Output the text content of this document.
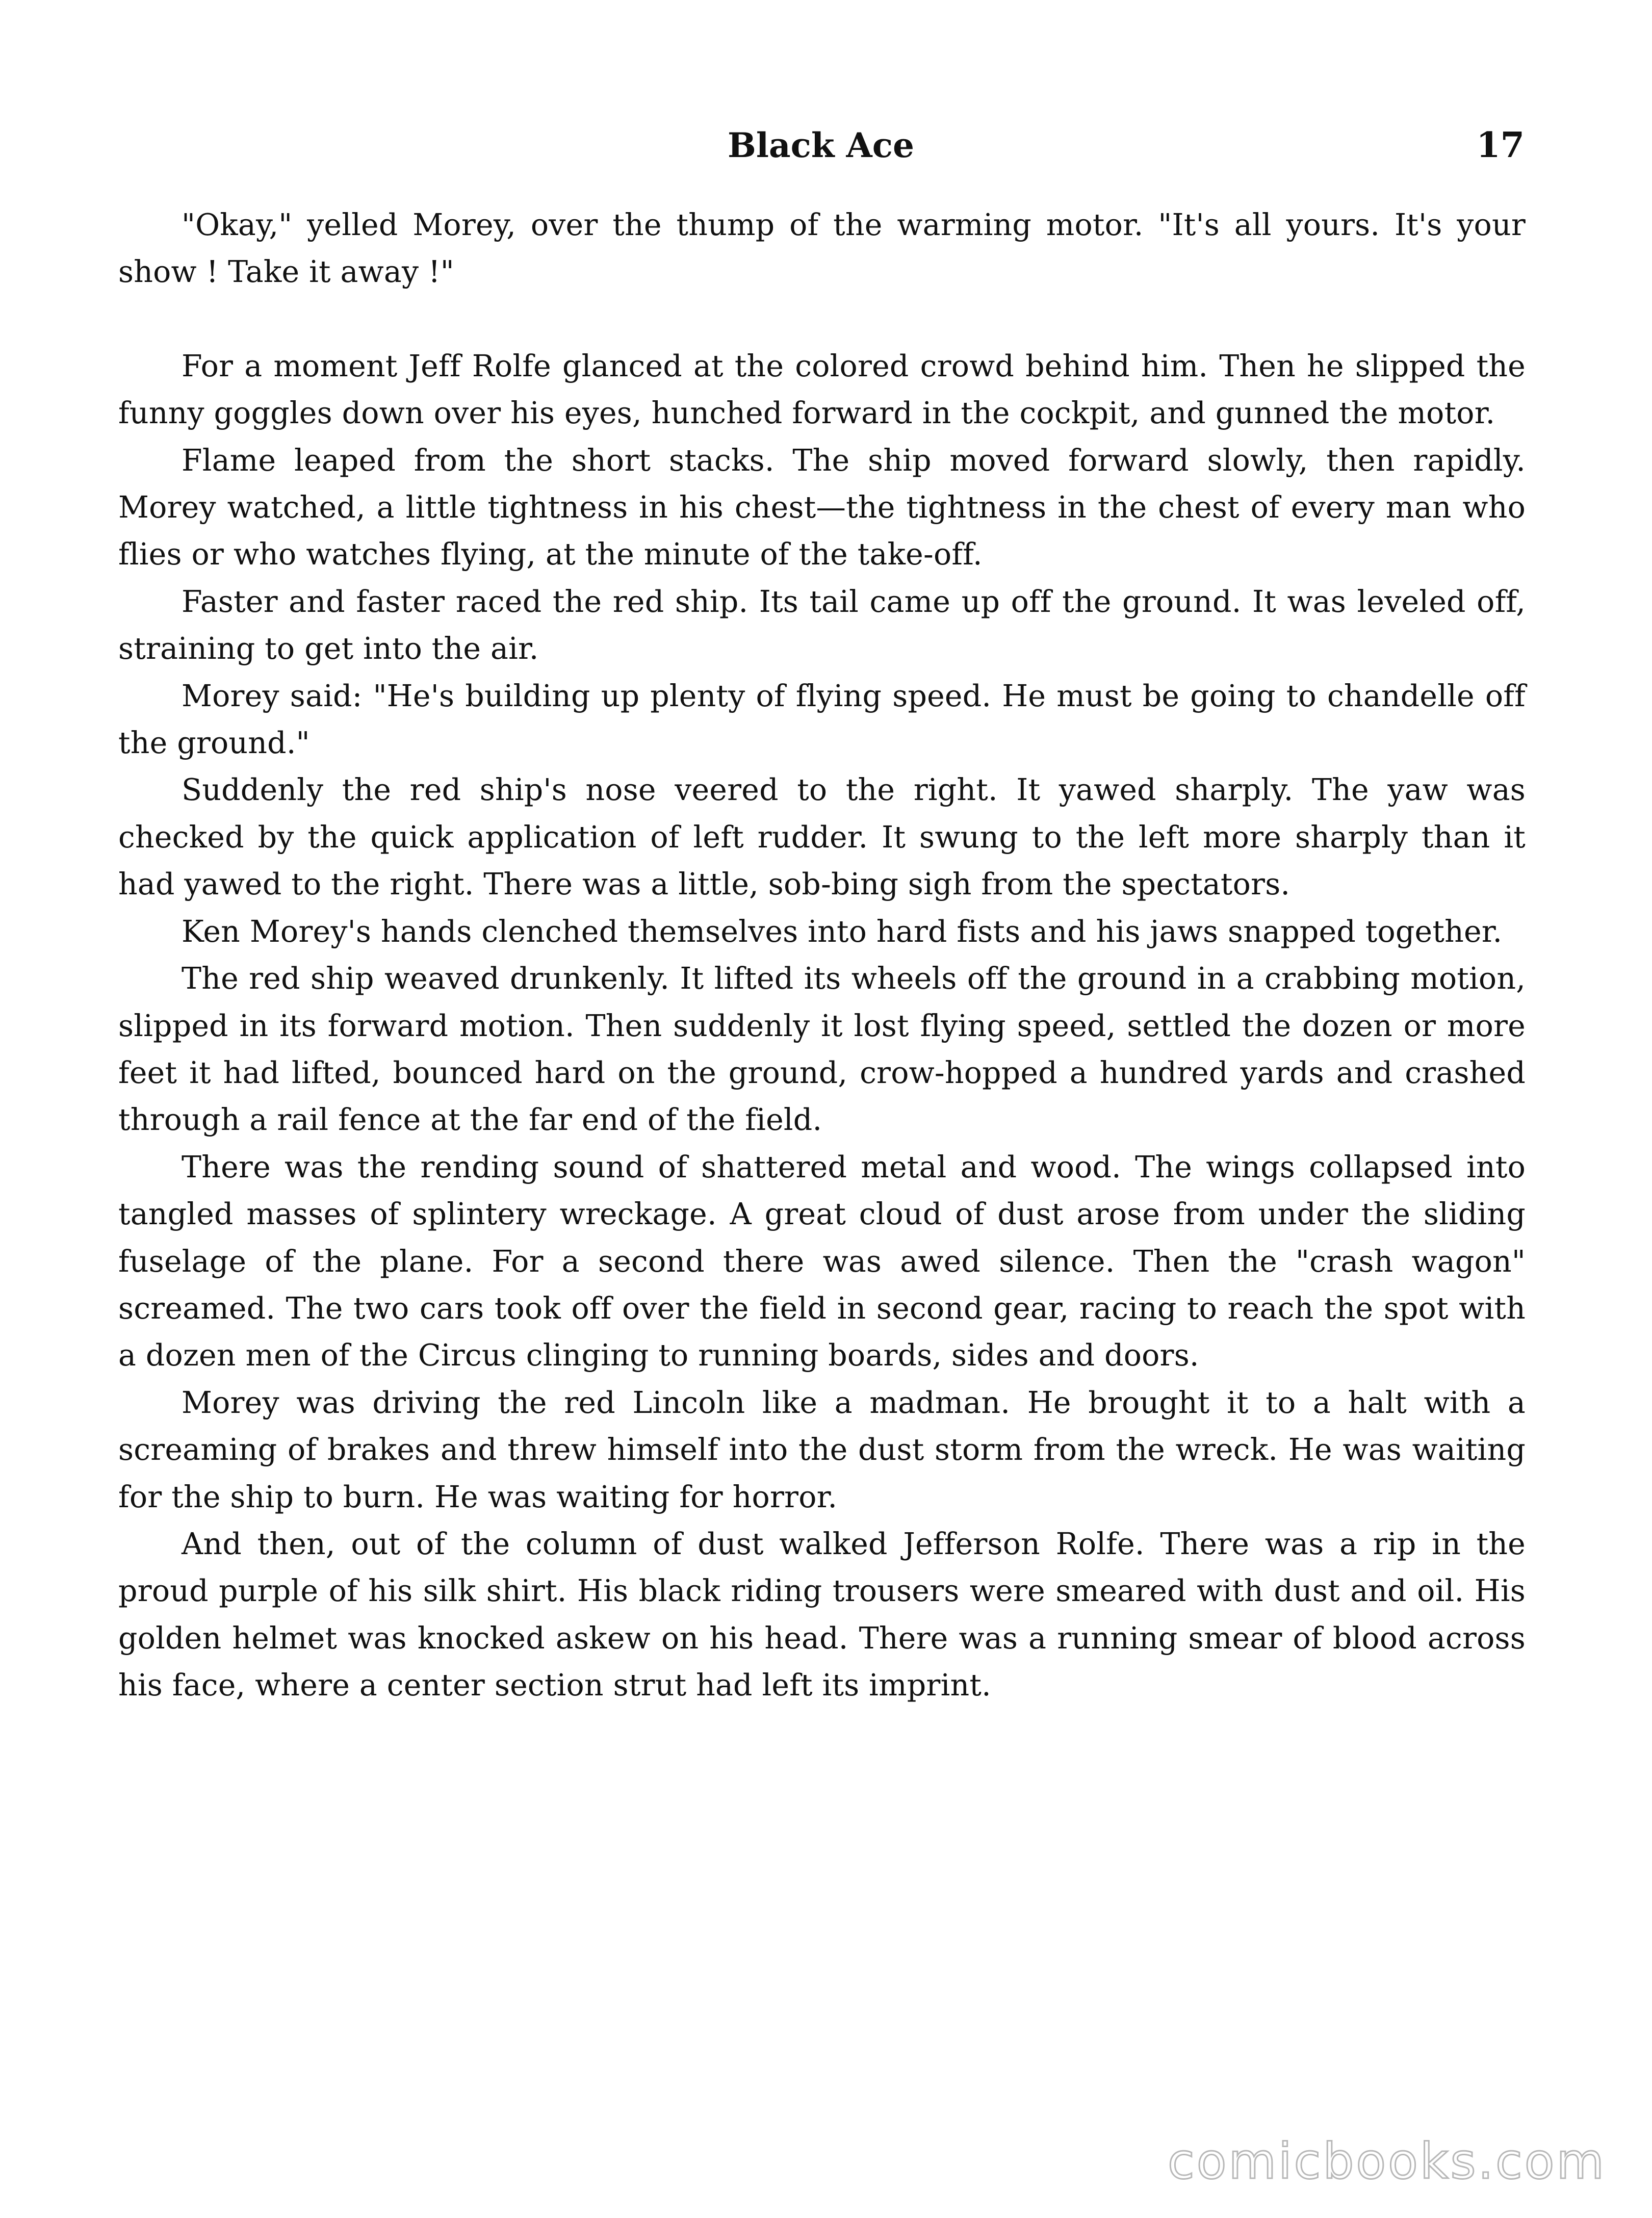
Black Ace	17

"Okay," yelled Morey, over the thump of the warming motor. "It's all yours. It's your show ! Take it away !"

For a moment Jeff Rolfe glanced at the colored crowd behind him. Then he slipped the funny goggles down over his eyes, hunched forward in the cockpit, and gunned the motor.

Flame leaped from the short stacks. The ship moved forward slowly, then rapidly. Morey watched, a little tightness in his chest—the tightness in the chest of every man who flies or who watches flying, at the minute of the take-off.

Faster and faster raced the red ship. Its tail came up off the ground. It was leveled off, straining to get into the air.

Morey said: "He's building up plenty of flying speed. He must be going to chandelle off the ground."

Suddenly the red ship's nose veered to the right. It yawed sharply. The yaw was checked by the quick application of left rudder. It swung to the left more sharply than it had yawed to the right. There was a little, sob-bing sigh from the spectators.

Ken Morey's hands clenched themselves into hard fists and his jaws snapped together.

The red ship weaved drunkenly. It lifted its wheels off the ground in a crabbing motion, slipped in its forward motion. Then suddenly it lost flying speed, settled the dozen or more feet it had lifted, bounced hard on the ground, crow-hopped a hundred yards and crashed through a rail fence at the far end of the field.

There was the rending sound of shattered metal and wood. The wings collapsed into tangled masses of splintery wreckage. A great cloud of dust arose from under the sliding fuselage of the plane. For a second there was awed silence. Then the "crash wagon" screamed. The two cars took off over the field in second gear, racing to reach the spot with a dozen men of the Circus clinging to running boards, sides and doors.

Morey was driving the red Lincoln like a madman. He brought it to a halt with a screaming of brakes and threw himself into the dust storm from the wreck. He was waiting for the ship to burn. He was waiting for horror.

And then, out of the column of dust walked Jefferson Rolfe. There was a rip in the proud purple of his silk shirt. His black riding trousers were smeared with dust and oil. His golden helmet was knocked askew on his head. There was a running smear of blood across his face, where a center section strut had left its imprint.

comicbooks.com
